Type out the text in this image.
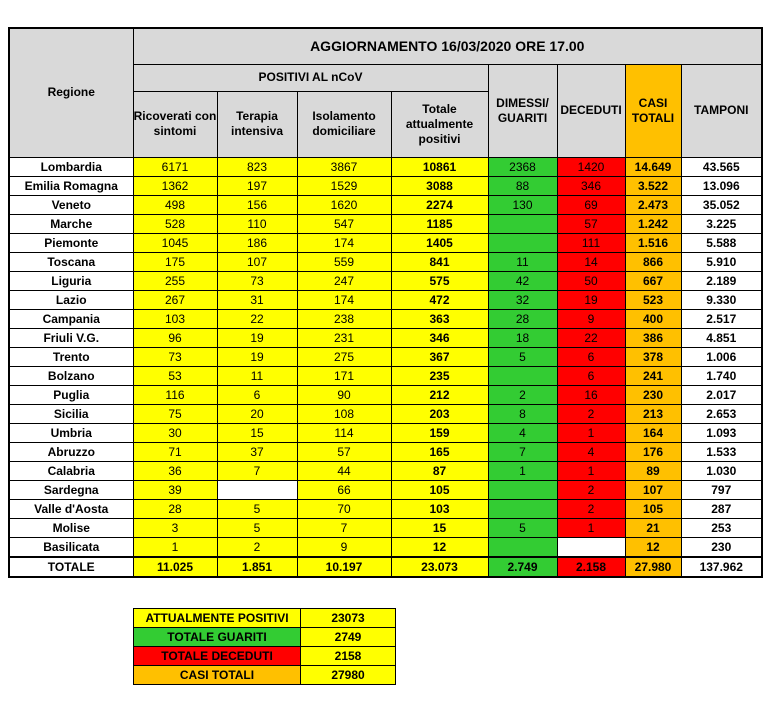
Regione	AGGIORNAMENTO 16/03/2020 ORE 17.00							
	POSITIVI AL nCoV				DIMESSI/ GUARITI	DECEDUTI	CASI TOTALI	TAMPONI
	Ricoverati con sintomi	Terapia intensiva	Isolamento domiciliare	Totale attualmente positivi				
Lombardia	6171	823	3867	10861	2368	1420	14.649	43.565
Emilia Romagna	1362	197	1529	3088	88	346	3.522	13.096
Veneto	498	156	1620	2274	130	69	2.473	35.052
Marche	528	110	547	1185		57	1.242	3.225
Piemonte	1045	186	174	1405		111	1.516	5.588
Toscana	175	107	559	841	11	14	866	5.910
Liguria	255	73	247	575	42	50	667	2.189
Lazio	267	31	174	472	32	19	523	9.330
Campania	103	22	238	363	28	9	400	2.517
Friuli V.G.	96	19	231	346	18	22	386	4.851
Trento	73	19	275	367	5	6	378	1.006
Bolzano	53	11	171	235		6	241	1.740
Puglia	116	6	90	212	2	16	230	2.017
Sicilia	75	20	108	203	8	2	213	2.653
Umbria	30	15	114	159	4	1	164	1.093
Abruzzo	71	37	57	165	7	4	176	1.533
Calabria	36	7	44	87	1	1	89	1.030
Sardegna	39		66	105		2	107	797
Valle d'Aosta	28	5	70	103		2	105	287
Molise	3	5	7	15	5	1	21	253
Basilicata	1	2	9	12			12	230
TOTALE	11.025	1.851	10.197	23.073	2.749	2.158	27.980	137.962
ATTUALMENTE POSITIVI	23073
TOTALE GUARITI	2749
TOTALE DECEDUTI	2158
CASI TOTALI	27980
